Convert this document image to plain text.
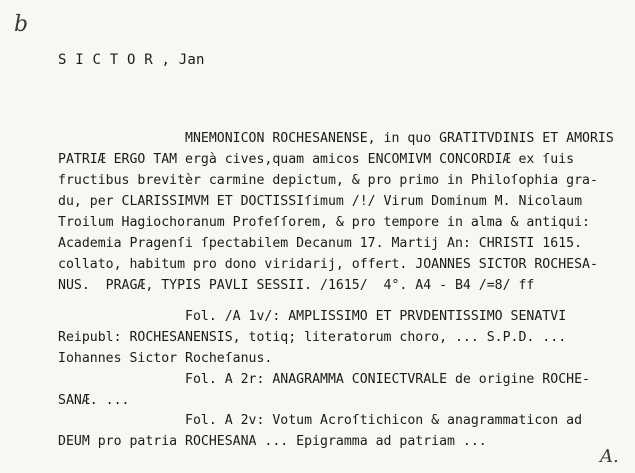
b
S I C T O R , Jan
MNEMONICON ROCHESANENSE, in quo GRATITVDINIS ET AMORIS
PATRIÆ ERGO TAM ergà cives,quam amicos ENCOMIVM CONCORDIÆ ex ſuis
fructibus brevitèr carmine depictum, & pro primo in Philoſophia gra-
du, per CLARISSIMVM ET DOCTISSIſimum /!/ Virum Dominum M. Nicolaum
Troilum Hagiochoranum Profeſſorem, & pro tempore in alma & antiqui:
Academia Pragenſi ſpectabilem Decanum 17. Martij An: CHRISTI 1615.
collato, habitum pro dono viridarij, offert. JOANNES SICTOR ROCHESA-
NUS.  PRAGÆ, TYPIS PAVLI SESSII. /1615/  4°. A4 - B4 /=8/ ff
Fol. /A 1v/: AMPLISSIMO ET PRVDENTISSIMO SENATVI
Reipubl: ROCHESANENSIS, totiq; literatorum choro, ... S.P.D. ...
Iohannes Sictor Rocheſanus.
Fol. A 2r: ANAGRAMMA CONIECTVRALE de origine ROCHE-
SANÆ. ...
Fol. A 2v: Votum Acroſtichicon & anagrammaticon ad
DEUM pro patria ROCHESANA ... Epigramma ad patriam ...
A.
